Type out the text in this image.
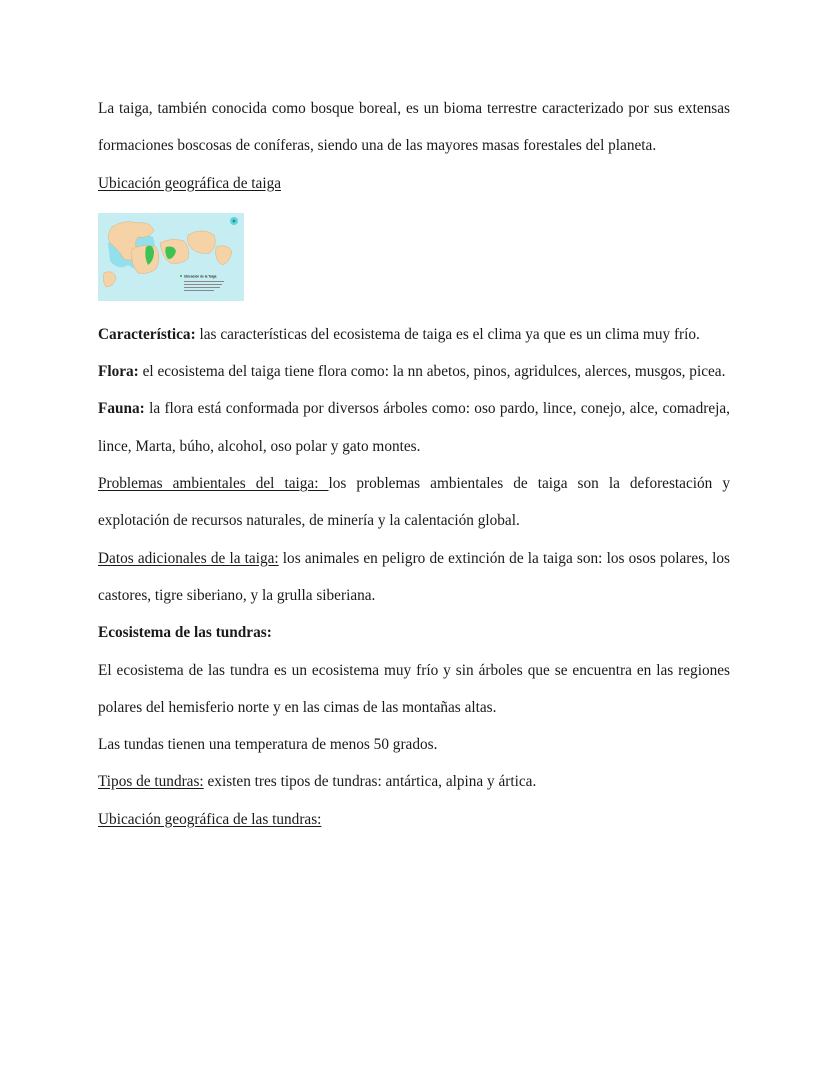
La taiga, también conocida como bosque boreal, es un bioma terrestre caracterizado por sus extensas formaciones boscosas de coníferas, siendo una de las mayores masas forestales del planeta.

Ubicación geográfica de taiga

Ubicación de la Taiga

Característica: las características del ecosistema de taiga es el clima ya que es un clima muy frío.

Flora: el ecosistema del taiga tiene flora como: la nn abetos, pinos, agridulces, alerces, musgos, picea.

Fauna: la flora está conformada por diversos árboles como: oso pardo, lince, conejo, alce, comadreja, lince, Marta, búho, alcohol, oso polar y gato montes.

Problemas ambientales del taiga: los problemas ambientales de taiga son la deforestación y explotación de recursos naturales, de minería y la calentación global.

Datos adicionales de la taiga: los animales en peligro de extinción de la taiga son: los osos polares, los castores, tigre siberiano, y la grulla siberiana.

Ecosistema de las tundras:

El ecosistema de las tundra es un ecosistema muy frío y sin árboles que se encuentra en las regiones polares del hemisferio norte y en las cimas de las montañas altas.

Las tundas tienen una temperatura de menos 50 grados.

Tipos de tundras: existen tres tipos de tundras: antártica, alpina y ártica.

Ubicación geográfica de las tundras:
